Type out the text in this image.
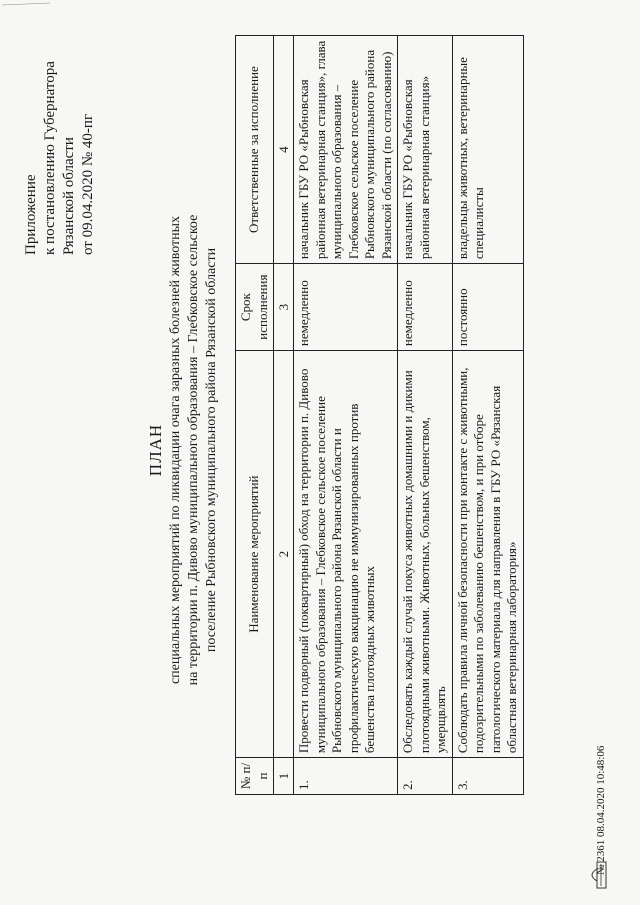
Приложение к постановлению Губернатора Рязанской области от 09.04.2020 № 40-пг
ПЛАН специальных мероприятий по ликвидации очага заразных болезней животных на территории п. Дивово муниципального образования – Глебковское сельское поселение Рыбновского муниципального района Рязанской области
№ п/п	Наименование мероприятий	Срок исполнения	Ответственные за исполнение
1	2	3	4
1.	Провести подворный (поквартирный) обход на территории п. Дивово муниципального образования – Глебковское сельское поселение Рыбновского муниципального района Рязанской области и профилактическую вакцинацию не иммунизированных против бешенства плотоядных животных	немедленно	начальник ГБУ РО «Рыбновская районная ветеринарная станция», глава муниципального образования – Глебковское сельское поселение Рыбновского муниципального района Рязанской области (по согласованию)
2.	Обследовать каждый случай покуса животных домашними и дикими плотоядными животными. Животных, больных бешенством, умерщвлять	немедленно	начальник ГБУ РО «Рыбновская районная ветеринарная станция»
3.	Соблюдать правила личной безопасности при контакте с животными, подозрительными по заболеванию бешенством, и при отборе патологического материала для направления в ГБУ РО «Рязанская областная ветеринарная лаборатория»	постоянно	владельцы животных, ветеринарные специалисты
№ 2361 08.04.2020 10:48:06
